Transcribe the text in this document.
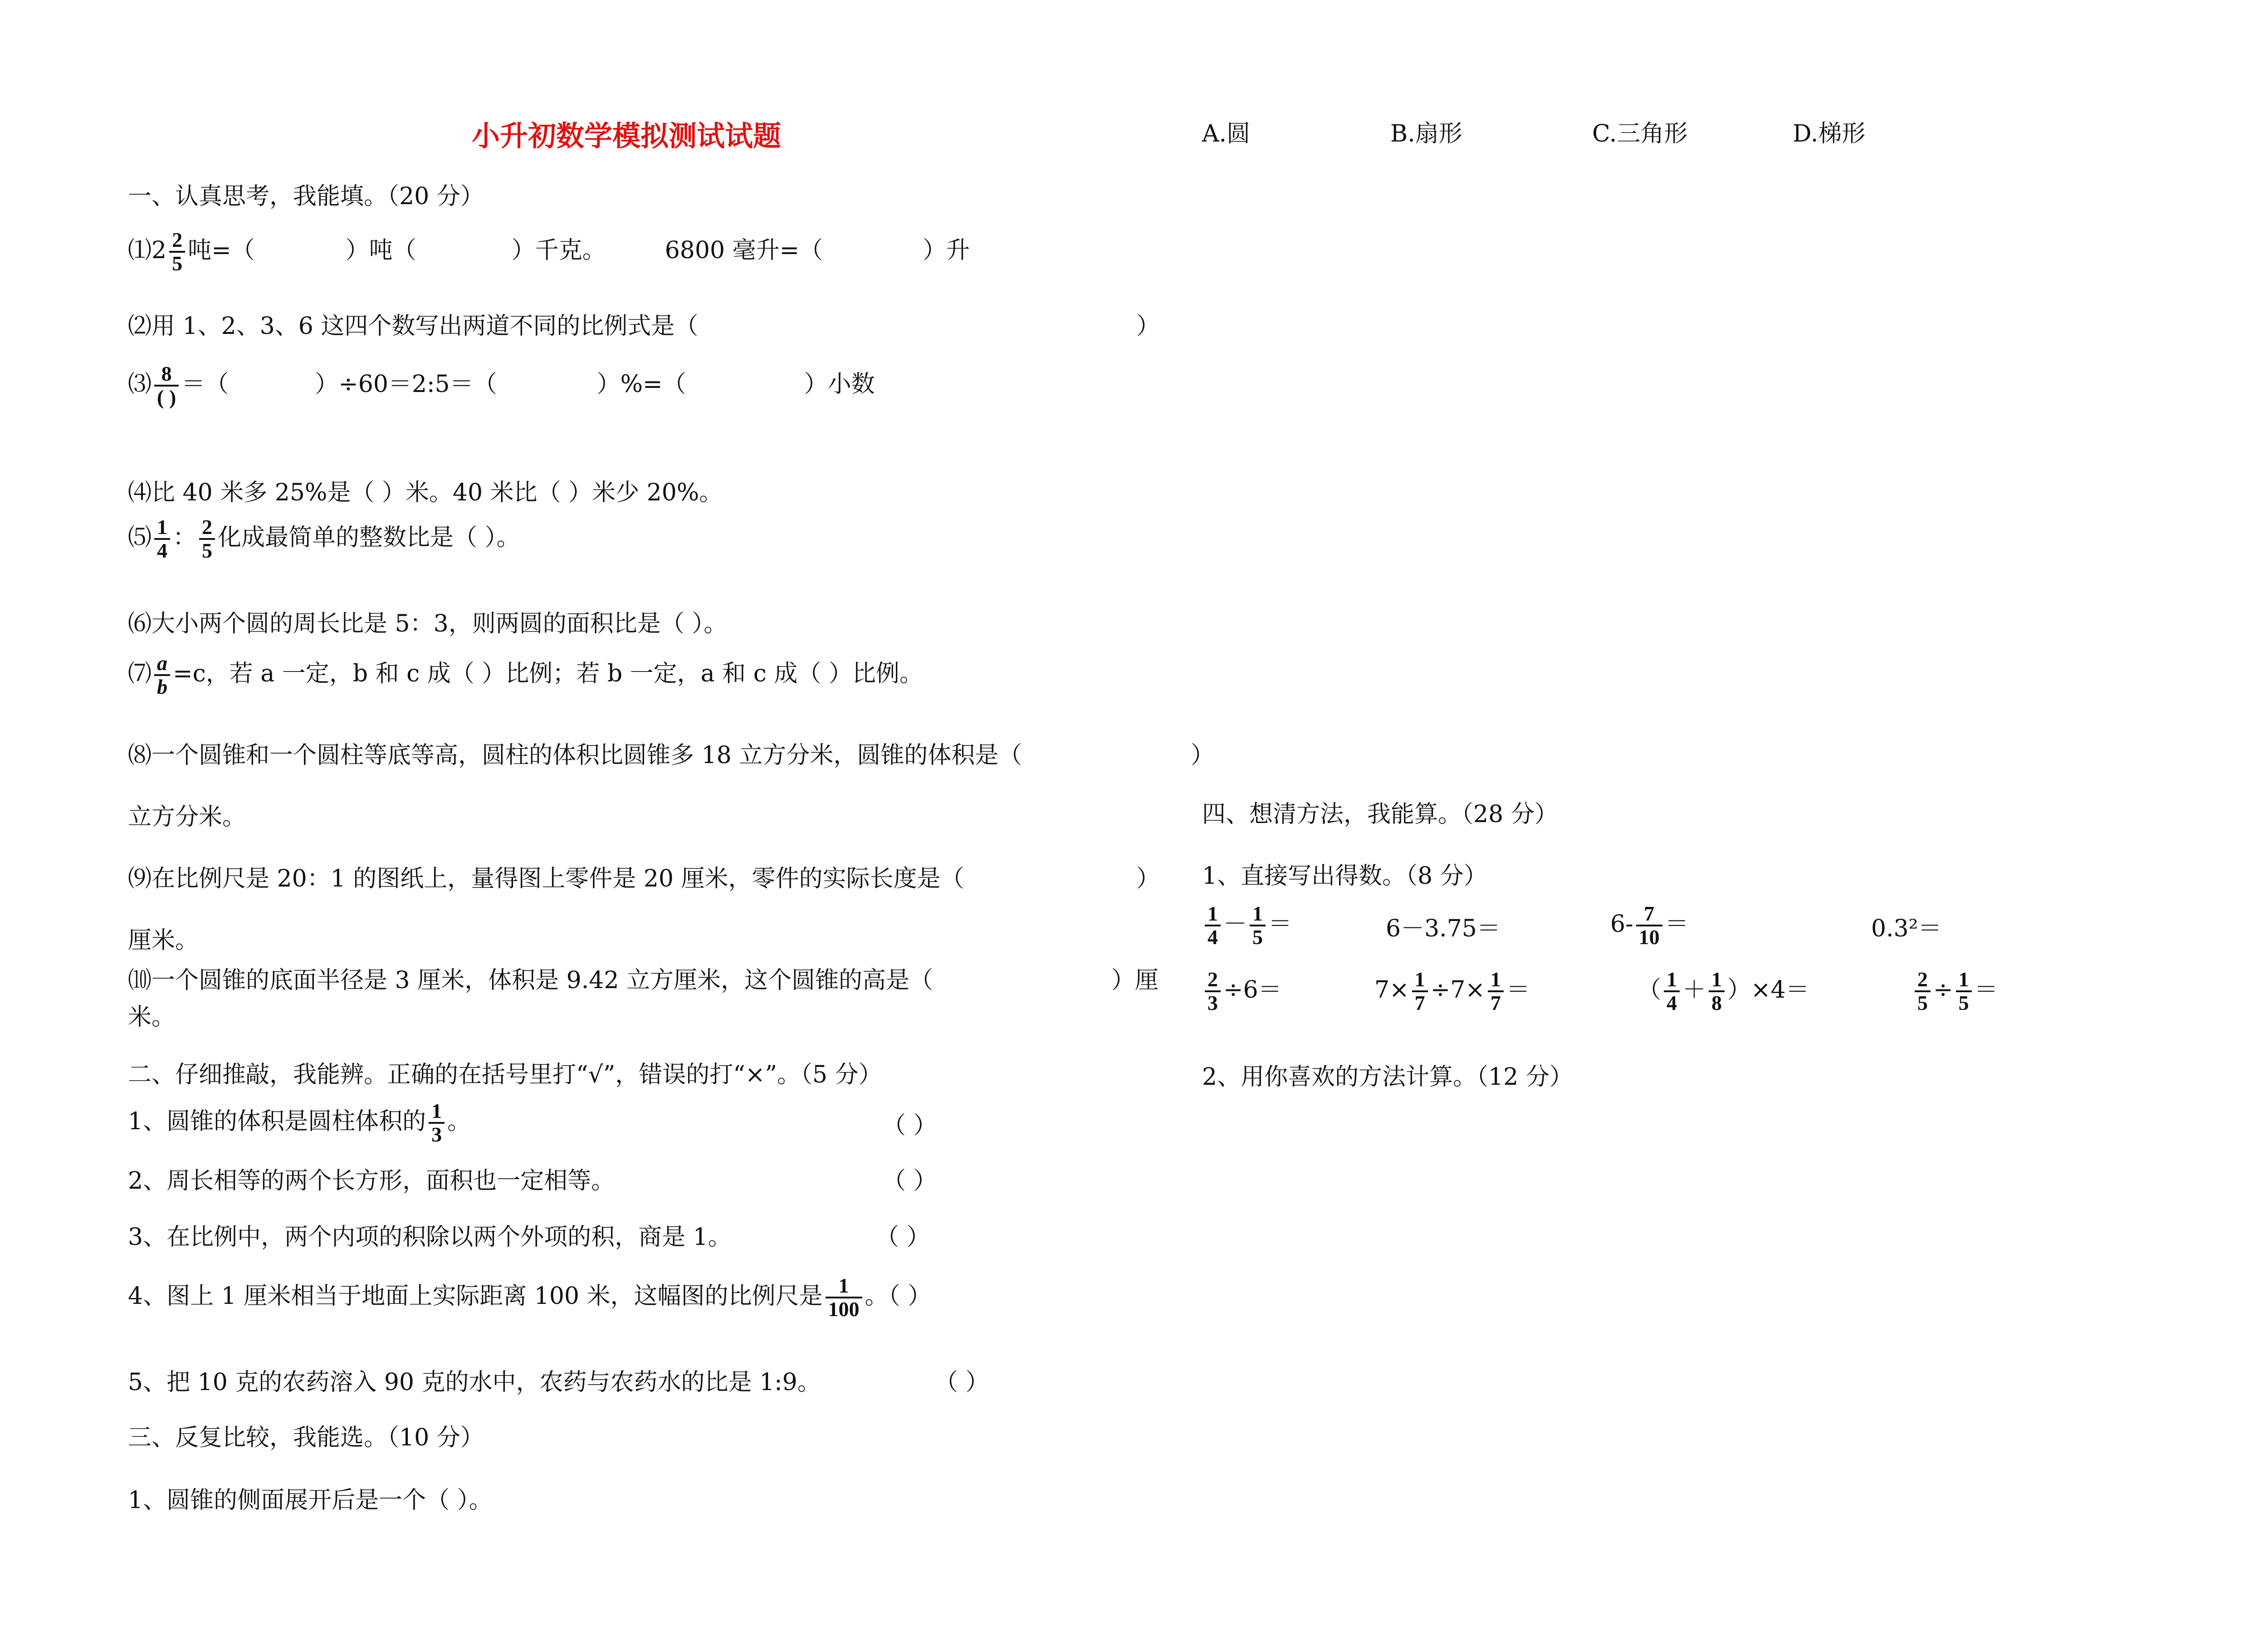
小升初数学模拟测试试题
一、认真思考，我能填。（20 分）
⑴2 $\frac{2}{5}$ 吨=（	）吨（	）千克。	6800 毫升=（	）升
⑵用 1、2、3、6 这四个数写出两道不同的比例式是（	）
⑶ $\frac{8}{( )}$ ＝（	）÷60＝2:5＝（	）%=（	）小数
⑷比 40 米多 25%是（ ）米。40 米比（ ）米少 20%。
⑸ $\frac{1}{4}$ ： $\frac{2}{5}$ 化成最简单的整数比是（ ）。
⑹大小两个圆的周长比是 5：3，则两圆的面积比是（ ）。
⑺ $\frac{a}{b} =c$，若 a 一定，b 和 c 成（ ）比例；若 b 一定，a 和 c 成（ ）比例。
⑻一个圆锥和一个圆柱等底等高，圆柱的体积比圆锥多 18 立方分米，圆锥的体积是（	）
立方分米。
⑼在比例尺是 20：1 的图纸上，量得图上零件是 20 厘米，零件的实际长度是（	）
厘米。
⑽一个圆锥的底面半径是 3 厘米，体积是 9.42 立方厘米，这个圆锥的高是（	）厘
米。
二、仔细推敲，我能辨。正确的在括号里打“√”，错误的打“×”。（5 分）
1、圆锥的体积是圆柱体积的 $\frac{1}{3}$ 。	（ ）
2、周长相等的两个长方形，面积也一定相等。	（ ）
3、在比例中，两个内项的积除以两个外项的积，商是 1。	（ ）
4、图上 1 厘米相当于地面上实际距离 100 米，这幅图的比例尺是 $\frac{1}{100}$ 。（ ）
5、把 10 克的农药溶入 90 克的水中，农药与农药水的比是 1:9。	（ ）
三、反复比较，我能选。（10 分）
1、圆锥的侧面展开后是一个（ ）。
A.圆	B.扇形	C.三角形	D.梯形
四、想清方法，我能算。（28 分）
1、直接写出得数。（8 分）
$\frac{1}{4} - \frac{1}{5}$ ＝	6－3.75＝	$6- \frac{7}{10}$ ＝	0.3²＝
$\frac{2}{3} \div 6=$	$7\times \frac{1}{7} \div 7\times \frac{1}{7}$ ＝	（ $\frac{1}{4} + \frac{1}{8} )\times 4=$	$\frac{2}{5} \div \frac{1}{5}$ ＝
2、用你喜欢的方法计算。（12 分）
